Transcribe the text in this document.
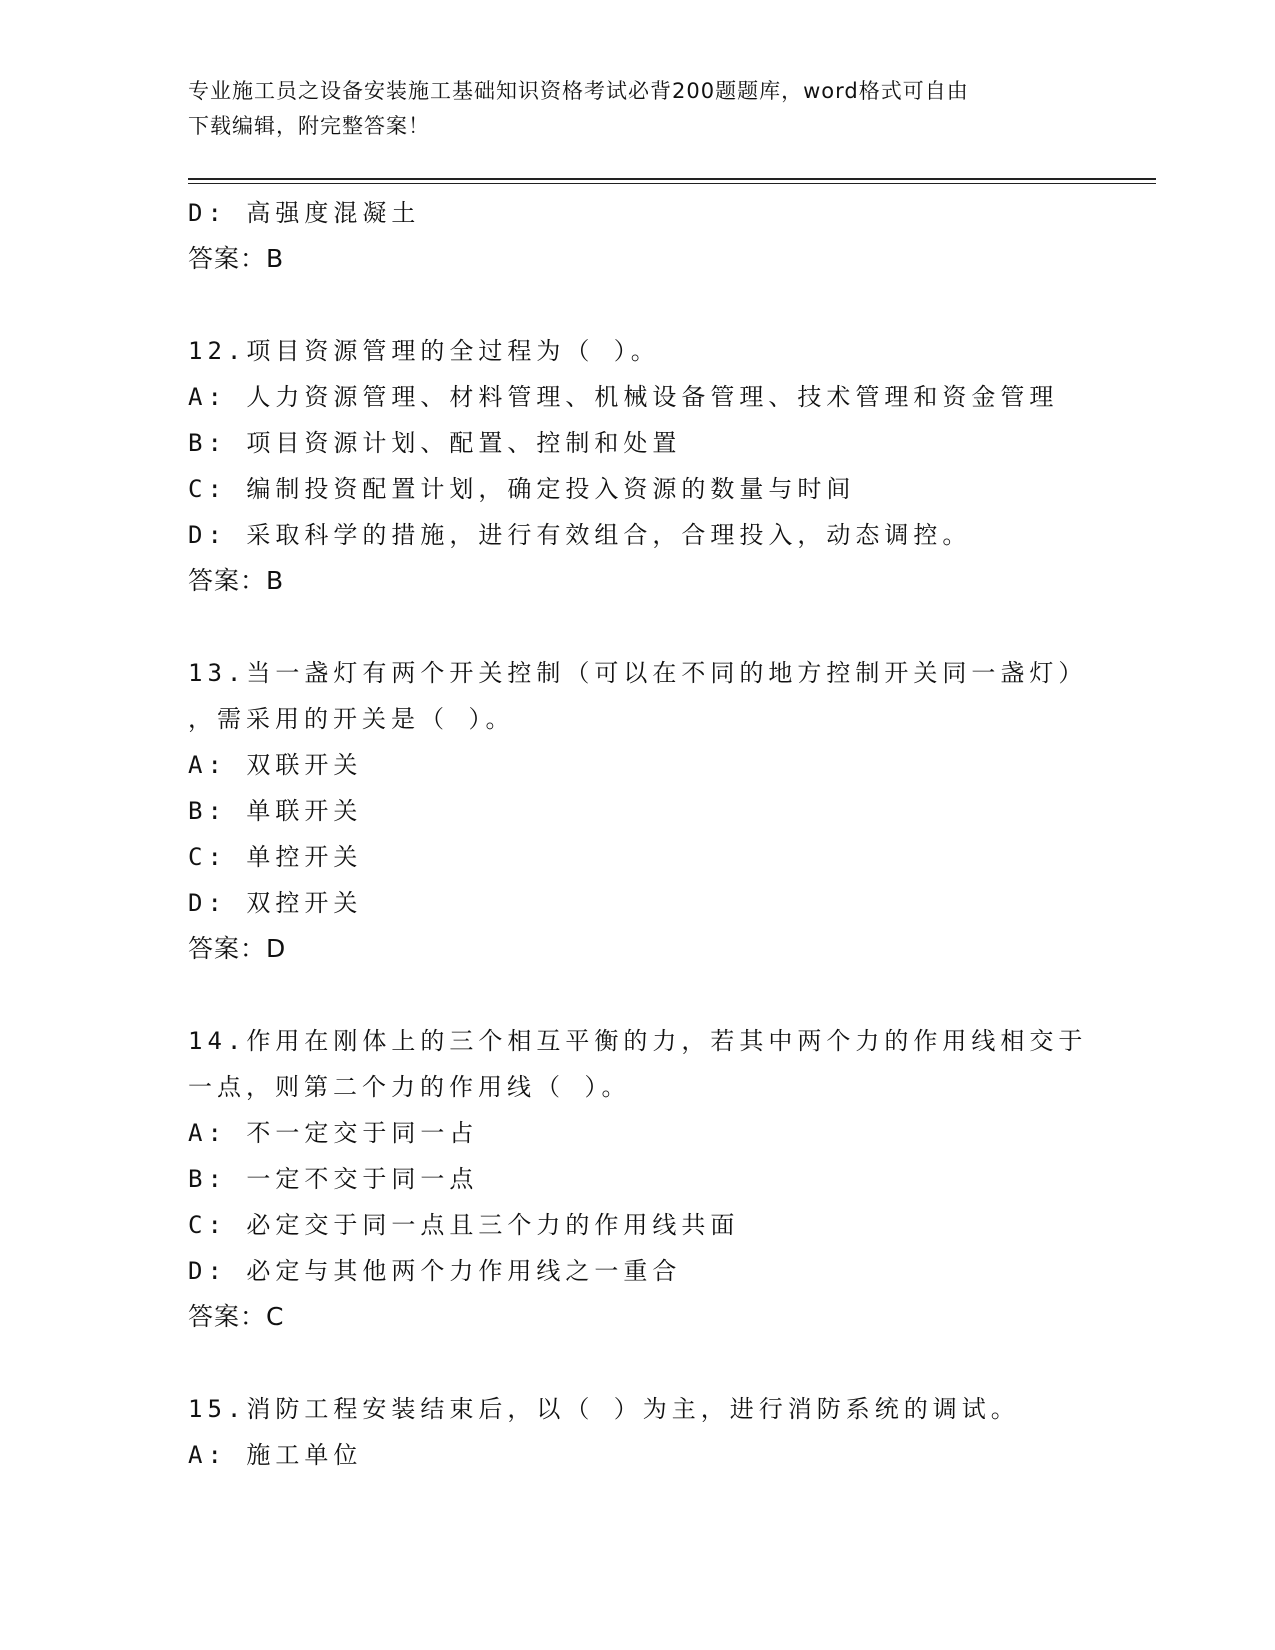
专业施工员之设备安装施工基础知识资格考试必背200题题库，word格式可自由
下载编辑，附完整答案！
D: 高强度混凝土
答案：B
12.项目资源管理的全过程为（ ）。
A: 人力资源管理、材料管理、机械设备管理、技术管理和资金管理
B: 项目资源计划、配置、控制和处置
C: 编制投资配置计划，确定投入资源的数量与时间
D: 采取科学的措施，进行有效组合，合理投入，动态调控。
答案：B
13.当一盏灯有两个开关控制（可以在不同的地方控制开关同一盏灯）
，需采用的开关是（ ）。
A: 双联开关
B: 单联开关
C: 单控开关
D: 双控开关
答案：D
14.作用在刚体上的三个相互平衡的力，若其中两个力的作用线相交于
一点，则第二个力的作用线（ ）。
A: 不一定交于同一占
B: 一定不交于同一点
C: 必定交于同一点且三个力的作用线共面
D: 必定与其他两个力作用线之一重合
答案：C
15.消防工程安装结束后，以（ ）为主，进行消防系统的调试。
A: 施工单位
